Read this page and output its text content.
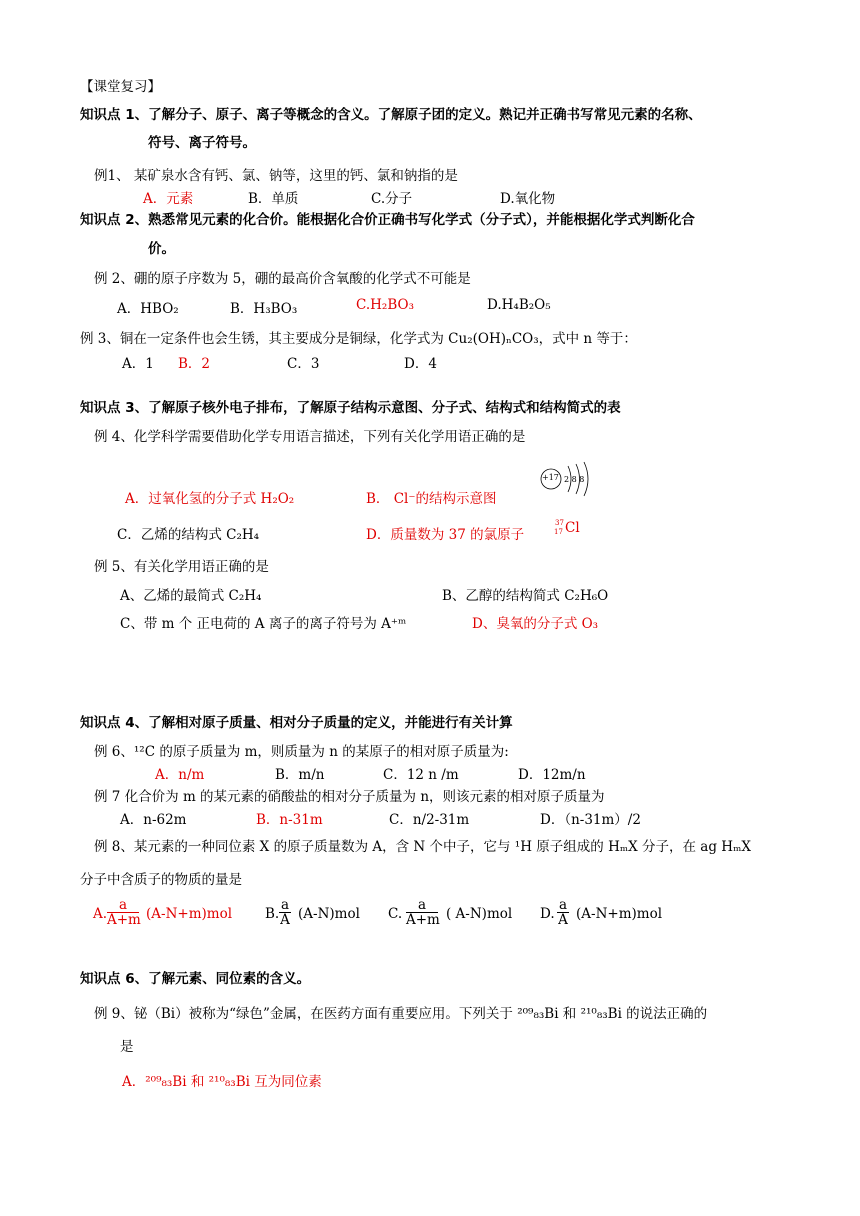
【课堂复习】
知识点 1、了解分子、原子、离子等概念的含义。了解原子团的定义。熟记并正确书写常见元素的名称、
符号、离子符号。
例1、 某矿泉水含有钙、氯、钠等，这里的钙、氯和钠指的是
A．元素	B．单质	C.分子	D.氧化物
知识点 2、熟悉常见元素的化合价。能根据化合价正确书写化学式（分子式），并能根据化学式判断化合
价。
例 2、硼的原子序数为 5，硼的最高价含氧酸的化学式不可能是
A．HBO₂	B．H₃BO₃	C.H₂BO₃	D.H₄B₂O₅
例 3、铜在一定条件也会生锈，其主要成分是铜绿，化学式为 Cu₂(OH)ₙCO₃，式中 n 等于：
A．1 B．2	C．3	D．4
知识点 3、了解原子核外电子排布，了解原子结构示意图、分子式、结构式和结构简式的表
例 4、化学科学需要借助化学专用语言描述，下列有关化学用语正确的是
A．过氧化氢的分子式 H₂O₂	B． Cl⁻的结构示意图
+17 2 8 8
C．乙烯的结构式 C₂H₄	D．质量数为 37 的氯原子
37
17 Cl
例 5、有关化学用语正确的是
A、乙烯的最简式 C₂H₄	B、乙醇的结构简式 C₂H₆O
C、带 m 个 正电荷的 A 离子的离子符号为 A⁺ᵐ	D、臭氧的分子式 O₃
知识点 4、了解相对原子质量、相对分子质量的定义，并能进行有关计算
例 6、¹²C 的原子质量为 m，则质量为 n 的某原子的相对原子质量为:
A．n/m	B．m/n	C．12 n /m	D．12m/n
例 7 化合价为 m 的某元素的硝酸盐的相对分子质量为 n，则该元素的相对原子质量为
A．n-62m	B．n-31m	C．n/2-31m	D．（n-31m）/2
例 8、某元素的一种同位素 X 的原子质量数为 A，含 N 个中子，它与 ¹H 原子组成的 HₘX 分子，在 ag HₘX
分子中含质子的物质的量是
A.
a
A+m (A-N+m)mol B.
a
A (A-N)mol C.
a
A+m ( A-N)mol D.
a
A (A-N+m)mol
知识点 6、了解元素、同位素的含义。
例 9、铋（Bi）被称为“绿色”金属，在医药方面有重要应用。下列关于 ²⁰⁹₈₃Bi 和 ²¹⁰₈₃Bi 的说法正确的
是
A．²⁰⁹₈₃Bi 和 ²¹⁰₈₃Bi 互为同位素
